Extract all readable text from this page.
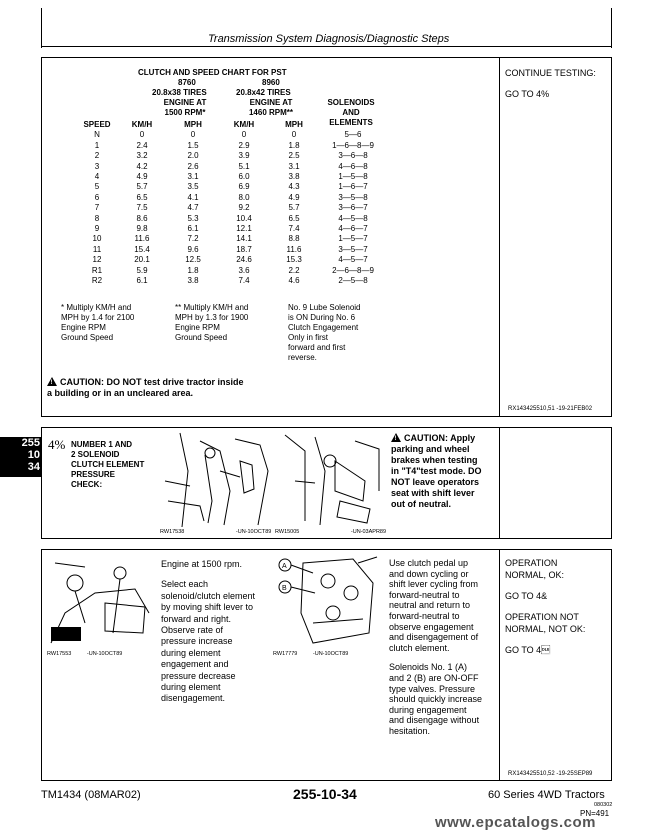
Transmission System Diagnosis/Diagnostic Steps
CLUTCH AND SPEED CHART FOR PST
8760	8960
20.8x38 TIRES	20.8x42 TIRES
ENGINE AT
1500 RPM*
ENGINE AT
1460 RPM**
SOLENOIDS
AND
ELEMENTS
SPEED	KM/H	MPH	KM/H	MPH	
N	0	0	0	0	5—6
1	2.4	1.5	2.9	1.8	1—6—8—9
2	3.2	2.0	3.9	2.5	3—6—8
3	4.2	2.6	5.1	3.1	4—6—8
4	4.9	3.1	6.0	3.8	1—5—8
5	5.7	3.5	6.9	4.3	1—6—7
6	6.5	4.1	8.0	4.9	3—5—8
7	7.5	4.7	9.2	5.7	3—6—7
8	8.6	5.3	10.4	6.5	4—5—8
9	9.8	6.1	12.1	7.4	4—6—7
10	11.6	7.2	14.1	8.8	1—5—7
11	15.4	9.6	18.7	11.6	3—5—7
12	20.1	12.5	24.6	15.3	4—5—7
R1	5.9	1.8	3.6	2.2	2—6—8—9
R2	6.1	3.8	7.4	4.6	2—5—8
* Multiply KM/H and
MPH by 1.4 for 2100
Engine RPM
Ground Speed
** Multiply KM/H and
MPH by 1.3 for 1900
Engine RPM
Ground Speed
No. 9 Lube Solenoid
is ON During No. 6
Clutch Engagement
Only in first
forward and first
reverse.
!CAUTION: DO NOT test drive tractor inside
a building or in an uncleared area.
RX143425510,51 -19-21FEB02
CONTINUE TESTING:
GO TO 4%
255
10
34
4% NUMBER 1 AND
2 SOLENOID
CLUTCH ELEMENT
PRESSURE
CHECK:
RW17538	-UN-10OCT89 RW15005	-UN-03APR89
!CAUTION: Apply
parking and wheel
brakes when testing
in "T4"test mode. DO
NOT leave operators
seat with shift lever
out of neutral.
RW17553	-UN-10OCT89
Engine at 1500 rpm.
Select each
solenoid/clutch element
by moving shift lever to
forward and right.
Observe rate of
pressure increase
during element
engagement and
pressure decrease
during element
disengagement.
A
B
RW17779	-UN-10OCT89
Use clutch pedal up
and down cycling or
shift lever cycling from
forward-neutral to
neutral and return to
forward-neutral to
observe engagement
and disengagement of
clutch element.
Solenoids No. 1 (A)
and 2 (B) are ON-OFF
type valves. Pressure
should quickly increase
during engagement
and disengage without
hesitation.
OPERATION
NORMAL, OK:
GO TO 4&
OPERATION NOT
NORMAL, NOT OK:
GO TO 4
RX143425510,52 -19-25SEP89
TM1434 (08MAR02)	255-10-34	60 Series 4WD Tractors
080302
PN=491
www.epcatalogs.com
